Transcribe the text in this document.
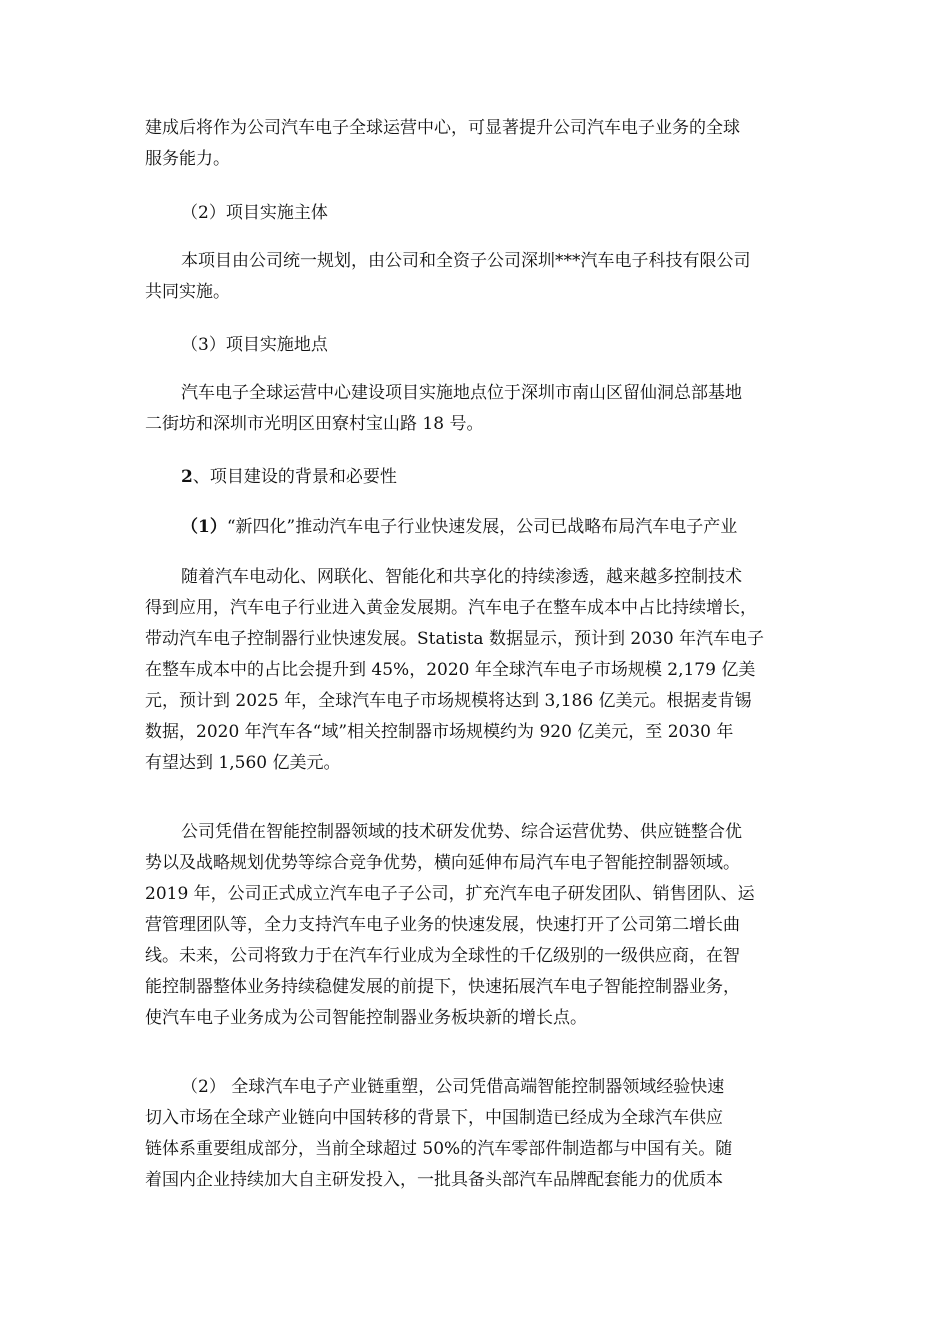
建成后将作为公司汽车电子全球运营中心，可显著提升公司汽车电子业务的全球
服务能力。
（2）项目实施主体
本项目由公司统一规划，由公司和全资子公司深圳***汽车电子科技有限公司
共同实施。
（3）项目实施地点
汽车电子全球运营中心建设项目实施地点位于深圳市南山区留仙洞总部基地
二街坊和深圳市光明区田寮村宝山路 18 号。
2、项目建设的背景和必要性
（1）“新四化”推动汽车电子行业快速发展，公司已战略布局汽车电子产业
随着汽车电动化、网联化、智能化和共享化的持续渗透，越来越多控制技术
得到应用，汽车电子行业进入黄金发展期。汽车电子在整车成本中占比持续增长，
带动汽车电子控制器行业快速发展。Statista 数据显示，预计到 2030 年汽车电子
在整车成本中的占比会提升到 45%，2020 年全球汽车电子市场规模 2,179 亿美
元，预计到 2025 年，全球汽车电子市场规模将达到 3,186 亿美元。根据麦肯锡
数据，2020 年汽车各“域”相关控制器市场规模约为 920 亿美元，至 2030 年
有望达到 1,560 亿美元。
公司凭借在智能控制器领域的技术研发优势、综合运营优势、供应链整合优
势以及战略规划优势等综合竞争优势，横向延伸布局汽车电子智能控制器领域。
2019 年，公司正式成立汽车电子子公司，扩充汽车电子研发团队、销售团队、运
营管理团队等，全力支持汽车电子业务的快速发展，快速打开了公司第二增长曲
线。未来，公司将致力于在汽车行业成为全球性的千亿级别的一级供应商，在智
能控制器整体业务持续稳健发展的前提下，快速拓展汽车电子智能控制器业务，
使汽车电子业务成为公司智能控制器业务板块新的增长点。
（2） 全球汽车电子产业链重塑，公司凭借高端智能控制器领域经验快速
切入市场在全球产业链向中国转移的背景下，中国制造已经成为全球汽车供应
链体系重要组成部分，当前全球超过 50%的汽车零部件制造都与中国有关。随
着国内企业持续加大自主研发投入，一批具备头部汽车品牌配套能力的优质本
